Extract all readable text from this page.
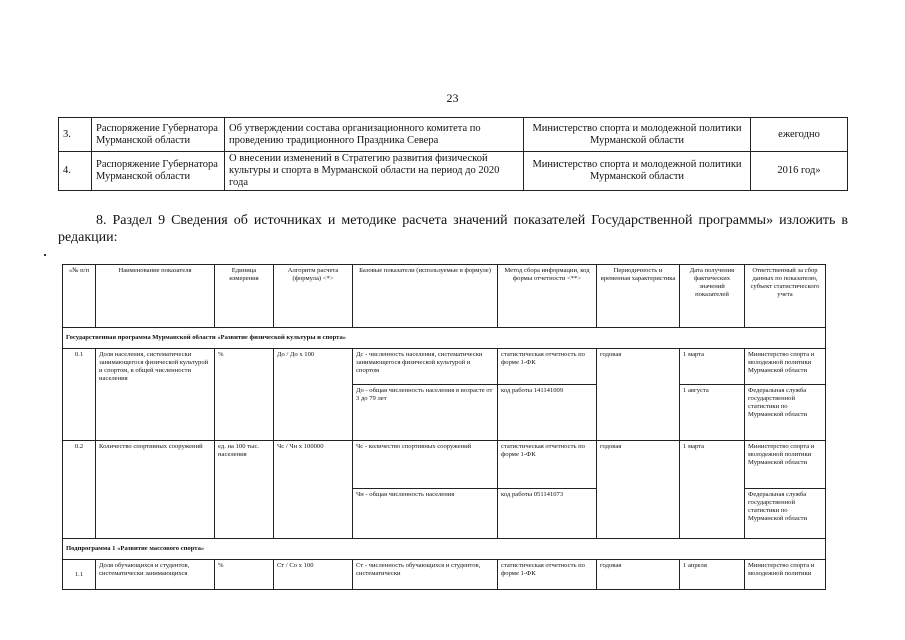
23
3.	Распоряжение Губернатора Мурманской области	Об утверждении состава организационного комитета по проведению традиционного Праздника Севера	Министерство спорта и молодежной политики Мурманской области	ежегодно
4.	Распоряжение Губернатора Мурманской области	О внесении изменений в Стратегию развития физической культуры и спорта в Мурманской области на период до 2020 года	Министерство спорта и молодежной политики Мурманской области	2016 год»
8. Раздел 9 Сведения об источниках и методике расчета значений показателей Государственной программы» изложить в редакции:
«№ п/п	Наименование показателя	Единица измерения	Алгоритм расчета (формула) <*>	Базовые показатели (используемые в формуле)	Метод сбора информации, код формы отчетности <**>	Периодичность и временная характеристика	Дата получения фактических значений показателей	Ответственный за сбор данных по показателю, субъект статистического учета
Государственная программа Мурманской области «Развитие физической культуры и спорта»								
0.1	Доля населения, систематически занимающегося физической культурой и спортом, в общей численности населения	%	До / Дo x 100	Дс - численность населения, систематически занимающегося физической культурой и спортом	статистическая отчетность по форме 1-ФК	годовая	1 марта	Министерство спорта и молодежной политики Мурманской области
				До - общая численность населения в возрасте от 3 до 79 лет	код работы 141141009		1 августа	Федеральная служба государственной статистики по Мурманской области
0.2	Количество спортивных сооружений	ед. на 100 тыс. населения	Чс / Чн x 100000	Чс - количество спортивных сооружений	статистическая отчетность по форме 1-ФК	годовая	1 марта	Министерство спорта и молодежной политики Мурманской области
				Чн - общая численность населения	код работы 051141073			Федеральная служба государственной статистики по Мурманской области
Подпрограмма 1 «Развитие массового спорта»								
1.1	Доля обучающихся и студентов, систематически занимающихся	%	Ст / Со х 100	Ст - численность обучающихся и студентов, систематически	статистическая отчетность по форме 1-ФК	годовая	1 апреля	Министерство спорта и молодежной политики
